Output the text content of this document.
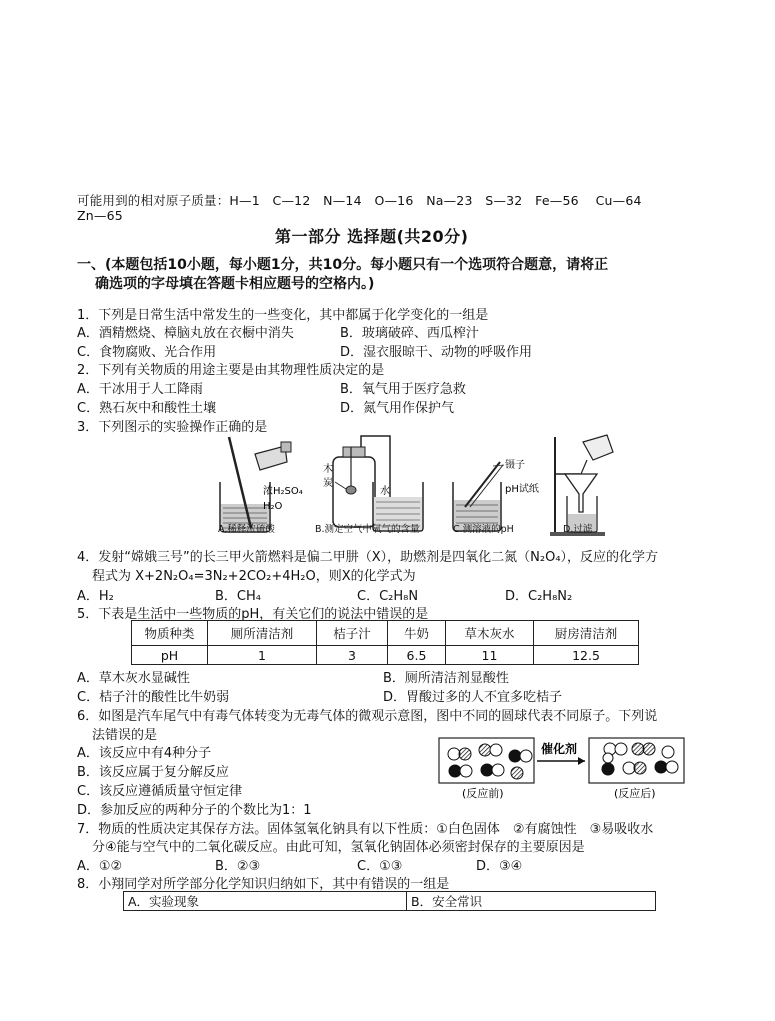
可能用到的相对原子质量：H—1　C—12　N—14　O—16　Na—23　S—32　Fe—56　 Cu—64
Zn—65
第一部分 选择题(共20分)
一、(本题包括10小题，每小题1分，共10分。每小题只有一个选项符合题意，请将正
确选项的字母填在答题卡相应题号的空格内。)
1．下列是日常生活中常发生的一些变化，其中都属于化学变化的一组是
A．酒精燃烧、樟脑丸放在衣橱中消失	B．玻璃破碎、西瓜榨汁
C．食物腐败、光合作用	D．湿衣服晾干、动物的呼吸作用
2．下列有关物质的用途主要是由其物理性质决定的是
A．干冰用于人工降雨	B．氧气用于医疗急救
C．熟石灰中和酸性土壤	D．氮气用作保护气
3．下列图示的实验操作正确的是
浓H₂SO₄
H₂O
木
炭
水
镊子
pH试纸
A.稀释浓硫酸	B.测定空气中氧气的含量	C.测溶液的pH	D.过滤
4．发射“嫦娥三号”的长三甲火箭燃料是偏二甲肼（X），助燃剂是四氧化二氮（N₂O₄），反应的化学方
程式为 X+2N₂O₄=3N₂+2CO₂+4H₂O，则X的化学式为
A．H₂	B．CH₄	C．C₂H₈N	D．C₂H₈N₂
5．下表是生活中一些物质的pH，有关它们的说法中错误的是
物质种类	厕所清洁剂	桔子汁	牛奶	草木灰水	厨房清洁剂
pH	1	3	6.5	11	12.5
A．草木灰水显碱性	B．厕所清洁剂显酸性
C．桔子汁的酸性比牛奶弱	D．胃酸过多的人不宜多吃桔子
6．如图是汽车尾气中有毒气体转变为无毒气体的微观示意图，图中不同的圆球代表不同原子。下列说
法错误的是
A．该反应中有4种分子
B．该反应属于复分解反应
C．该反应遵循质量守恒定律
D．参加反应的两种分子的个数比为1：1
催化剂
(反应前)	(反应后)
7．物质的性质决定其保存方法。固体氢氧化钠具有以下性质：①白色固体　②有腐蚀性　③易吸收水
分④能与空气中的二氧化碳反应。由此可知，氢氧化钠固体必须密封保存的主要原因是
A．①②	B．②③	C．①③	D．③④
8．小翔同学对所学部分化学知识归纳如下，其中有错误的一组是
A．实验现象	B．安全常识
